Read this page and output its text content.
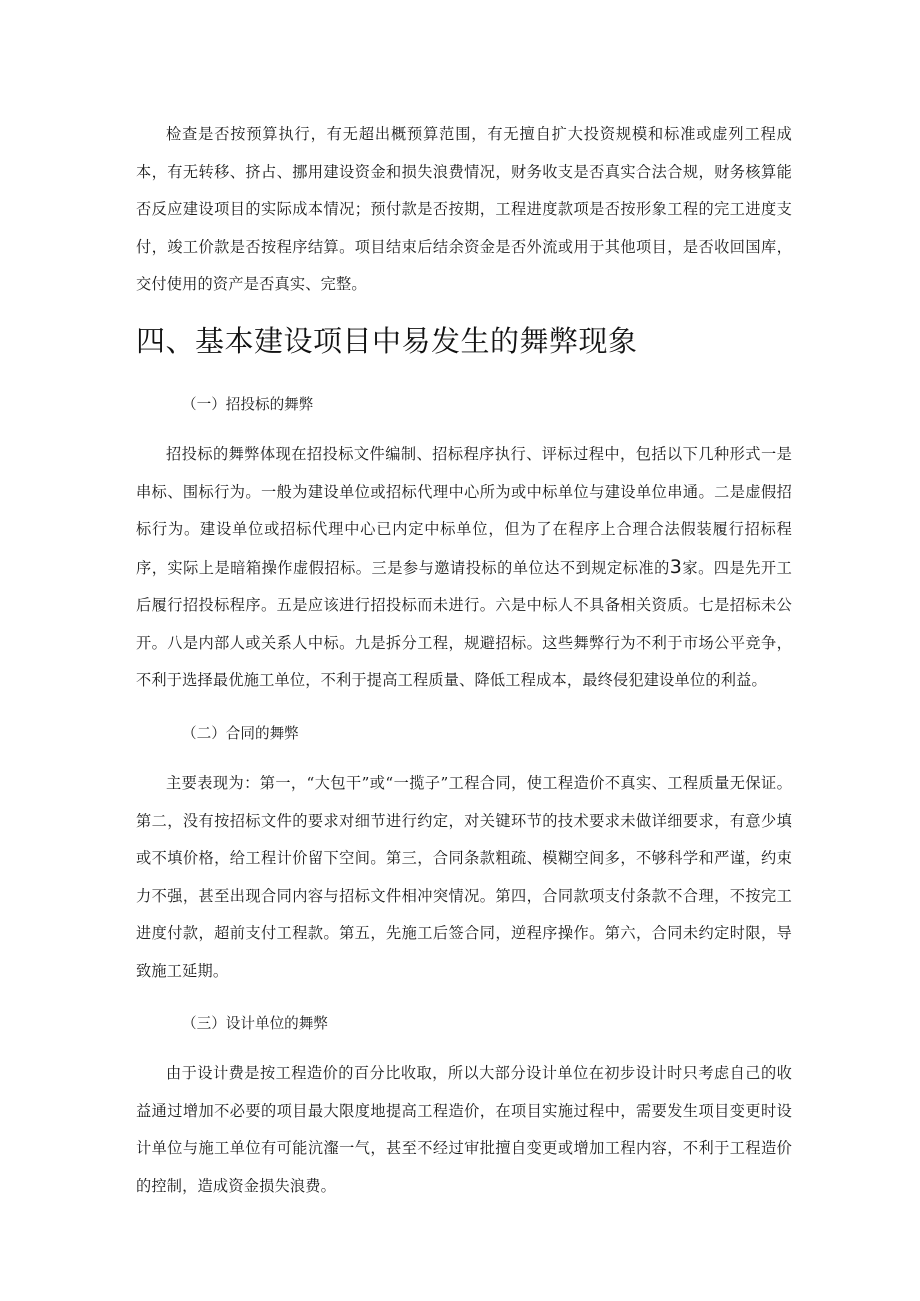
检查是否按预算执行，有无超出概预算范围，有无擅自扩大投资规模和标准或虚列工程成本，有无转移、挤占、挪用建设资金和损失浪费情况，财务收支是否真实合法合规，财务核算能否反应建设项目的实际成本情况；预付款是否按期，工程进度款项是否按形象工程的完工进度支付，竣工价款是否按程序结算。项目结束后结余资金是否外流或用于其他项目，是否收回国库，交付使用的资产是否真实、完整。

四、基本建设项目中易发生的舞弊现象
（一）招投标的舞弊

招投标的舞弊体现在招投标文件编制、招标程序执行、评标过程中，包括以下几种形式一是串标、围标行为。一般为建设单位或招标代理中心所为或中标单位与建设单位串通。二是虚假招标行为。建设单位或招标代理中心已内定中标单位，但为了在程序上合理合法假装履行招标程序，实际上是暗箱操作虚假招标。三是参与邀请投标的单位达不到规定标准的3家。四是先开工后履行招投标程序。五是应该进行招投标而未进行。六是中标人不具备相关资质。七是招标未公开。八是内部人或关系人中标。九是拆分工程，规避招标。这些舞弊行为不利于市场公平竞争，不利于选择最优施工单位，不利于提高工程质量、降低工程成本，最终侵犯建设单位的利益。

（二）合同的舞弊

主要表现为：第一，“大包干”或“一揽子”工程合同，使工程造价不真实、工程质量无保证。第二，没有按招标文件的要求对细节进行约定，对关键环节的技术要求未做详细要求，有意少填或不填价格，给工程计价留下空间。第三，合同条款粗疏、模糊空间多，不够科学和严谨，约束力不强，甚至出现合同内容与招标文件相冲突情况。第四，合同款项支付条款不合理，不按完工进度付款，超前支付工程款。第五，先施工后签合同，逆程序操作。第六，合同未约定时限，导致施工延期。

（三）设计单位的舞弊

由于设计费是按工程造价的百分比收取，所以大部分设计单位在初步设计时只考虑自己的收益通过增加不必要的项目最大限度地提高工程造价，在项目实施过程中，需要发生项目变更时设计单位与施工单位有可能沆瀣一气，甚至不经过审批擅自变更或增加工程内容，不利于工程造价的控制，造成资金损失浪费。
